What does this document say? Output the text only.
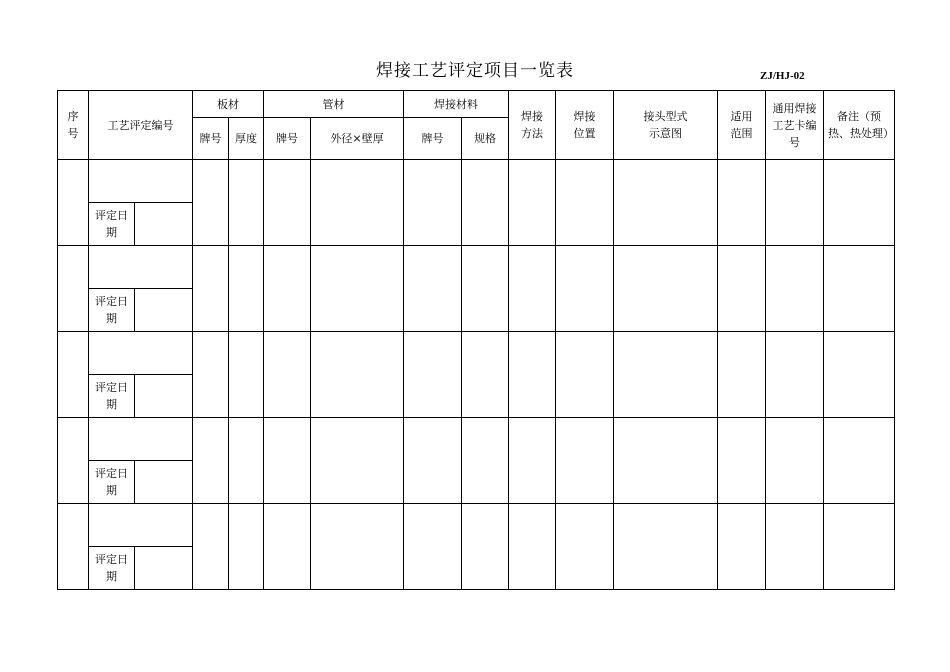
焊接工艺评定项目一览表	ZJ/HJ-02
序号	工艺评定编号		板材		管材		焊接材料		焊接方法	焊接位置	接头型式示意图	适用范围	通用焊接工艺卡编号	备注（预热、热处理）
			牌号	厚度	牌号	外径×壁厚	牌号	规格						

	评定日期													

	评定日期													

	评定日期													

	评定日期													

	评定日期													
